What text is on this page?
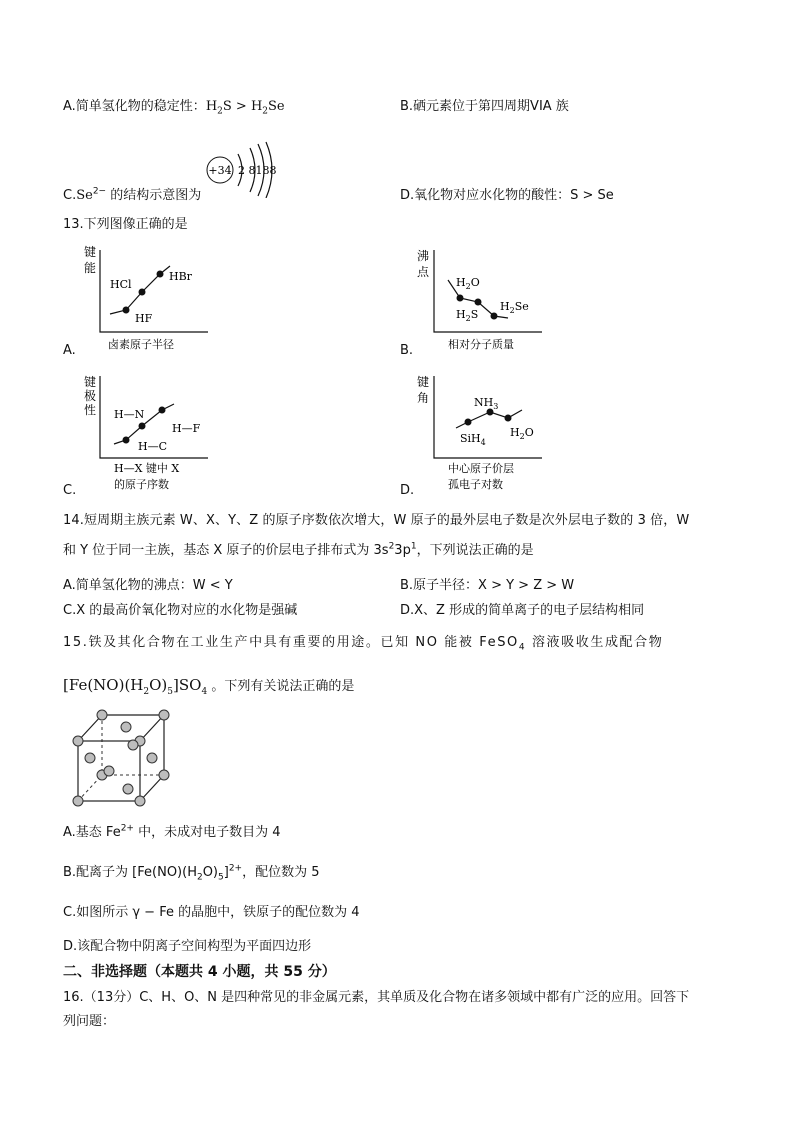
A.简单氢化物的稳定性：$H_2S > H_2Se$	B.硒元素位于第四周期VIA 族
+34 2 8188
$C.Se^{2-}$ 的结构示意图为	D.氧化物对应水化物的酸性：S > Se
13.下列图像正确的是
A.
键
能
HCl
HBr
HF
卤素原子半径	B.
沸
点
$H_2O$
$H_2S$
$H_2Se$
相对分子质量
C.
键
极
性 H—N
H—F
H—C
H—X 键中 X
的原子序数	D.
键
角	$NH_3$
SiH$_4$
$H_2O$
中心原子价层
孤电子对数
14.短周期主族元素 W、X、Y、Z 的原子序数依次增大，W 原子的最外层电子数是次外层电子数的 3 倍，W
和 Y 位于同一主族，基态 X 原子的价层电子排布式为 $3s^23p^1$，下列说法正确的是
A.简单氢化物的沸点：W < Y	B.原子半径：X > Y > Z > W
C.X 的最高价氧化物对应的水化物是强碱	D.X、Z 形成的简单离子的电子层结构相同
15.铁及其化合物在工业生产中具有重要的用途。已知 NO 能被 FeSO$_4$ 溶液吸收生成配合物
$[Fe(NO)(H_2O)_5]SO_4$ 。下列有关说法正确的是
A.基态 $Fe^{2+}$ 中，未成对电子数目为 4
B.配离子为 $[Fe(NO)(H_2O)_5]^{2+}$，配位数为 5
C.如图所示 γ − Fe 的晶胞中，铁原子的配位数为 4
D.该配合物中阴离子空间构型为平面四边形
二、非选择题（本题共 4 小题，共 55 分）
16.（13分）C、H、O、N 是四种常见的非金属元素，其单质及化合物在诸多领域中都有广泛的应用。回答下
列问题：
